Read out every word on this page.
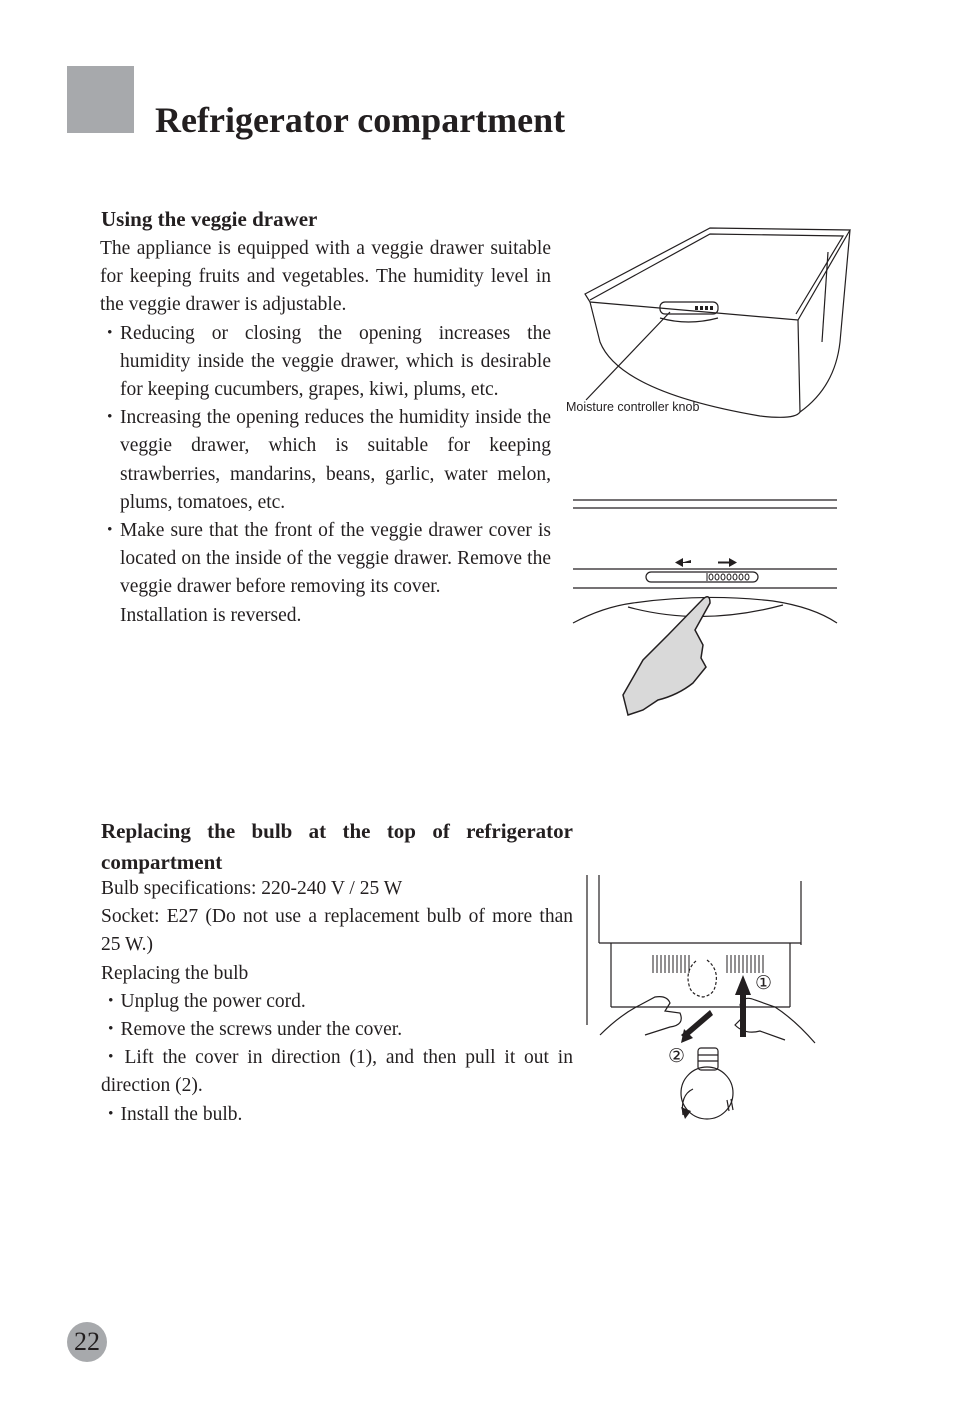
Refrigerator compartment
Using the veggie drawer

The appliance is equipped with a veggie drawer suitable for keeping fruits and vegetables. The humidity level in the veggie drawer is adjustable.

・Reducing or closing the opening increases the humidity inside the veggie drawer, which is desirable for keeping cucumbers, grapes, kiwi, plums, etc.

・Increasing the opening reduces the humidity inside the veggie drawer, which is suitable for keeping strawberries, mandarins, beans, garlic, water melon, plums, tomatoes, etc.

・Make sure that the front of the veggie drawer cover is located on the inside of the veggie drawer. Remove the veggie drawer before removing its cover.

Installation is reversed.

Moisture controller knob
Replacing the bulb at the top of refrigerator compartment

Bulb specifications: 220-240 V / 25 W

Socket: E27 (Do not use a replacement bulb of more than 25 W.)

Replacing the bulb

・Unplug the power cord.

・Remove the screws under the cover.

・Lift the cover in direction (1), and then pull it out in direction (2).

・Install the bulb.

①
②
22
